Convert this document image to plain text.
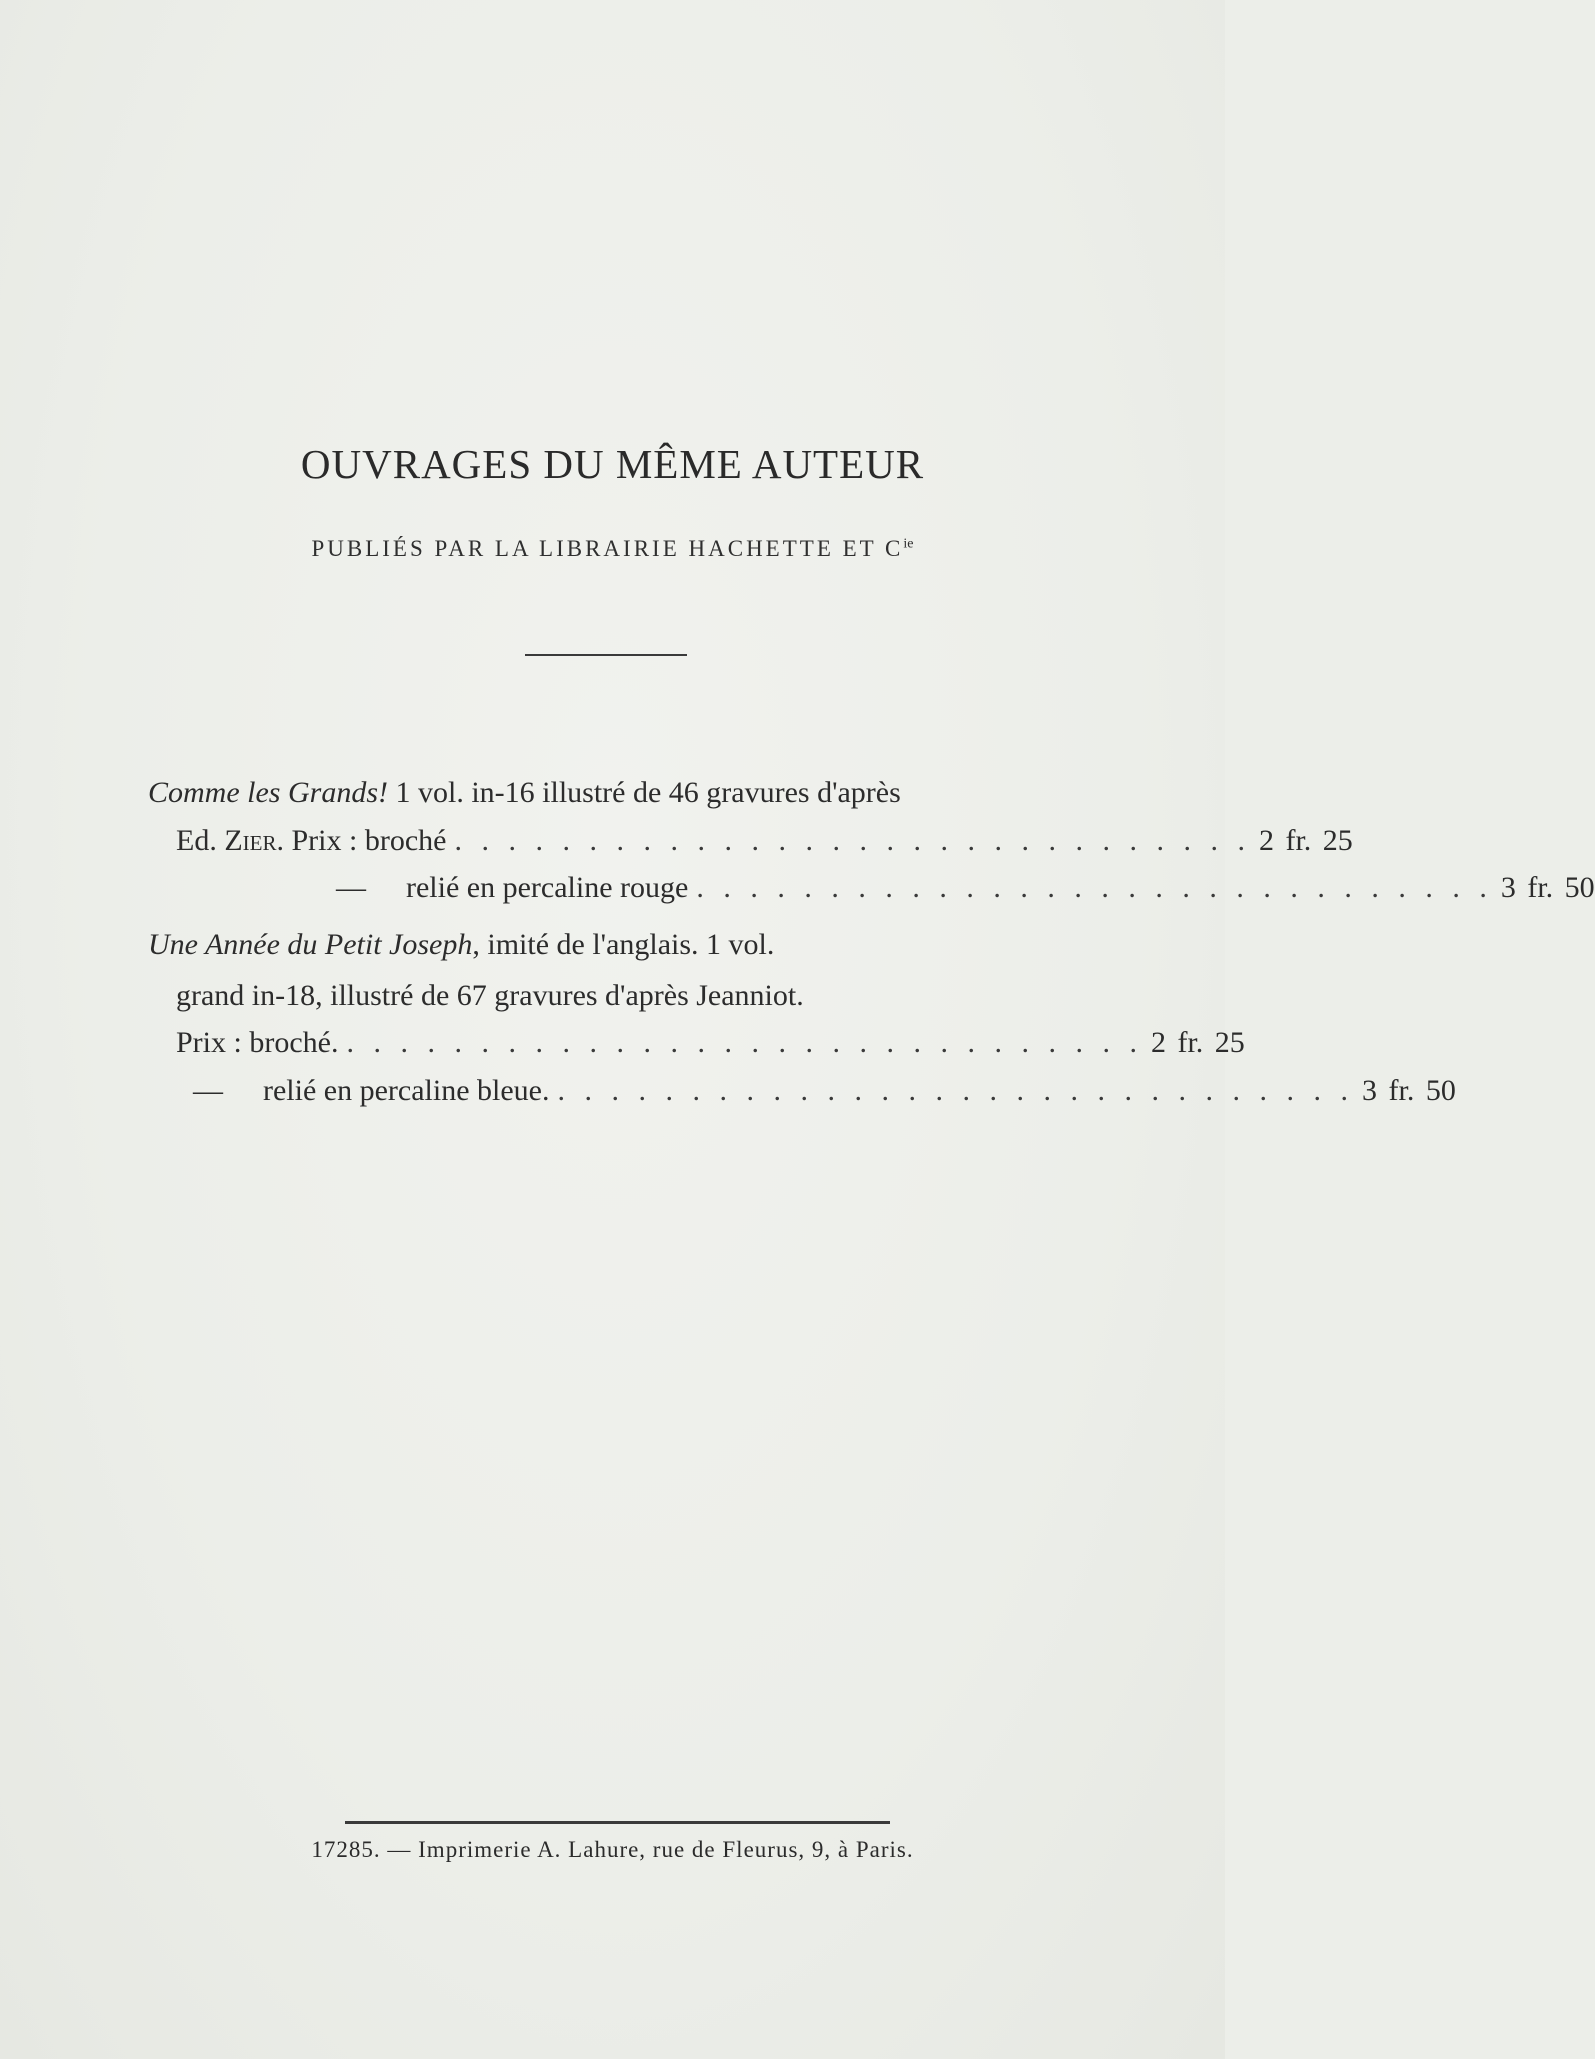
OUVRAGES DU MÊME AUTEUR
PUBLIÉS PAR LA LIBRAIRIE HACHETTE ET $C^{ie}$
Comme les Grands! 1 vol. in-16 illustré de 46 gravures d'après
Ed. Zier. Prix : broché . . . . . . . . . . . . . . . . . . . . . . . . . . . . . . 2 fr. 25
— relié en percaline rouge . . . . . . . . . . . . . . . . . . . . . . . . . . . . . . 3 fr. 50
Une Année du Petit Joseph, imité de l'anglais. 1 vol.
grand in-18, illustré de 67 gravures d'après Jeanniot.
Prix : broché. . . . . . . . . . . . . . . . . . . . . . . . . . . . . . . 2 fr. 25
— relié en percaline bleue. . . . . . . . . . . . . . . . . . . . . . . . . . . . . . . 3 fr. 50
17285. — Imprimerie A. Lahure, rue de Fleurus, 9, à Paris.
